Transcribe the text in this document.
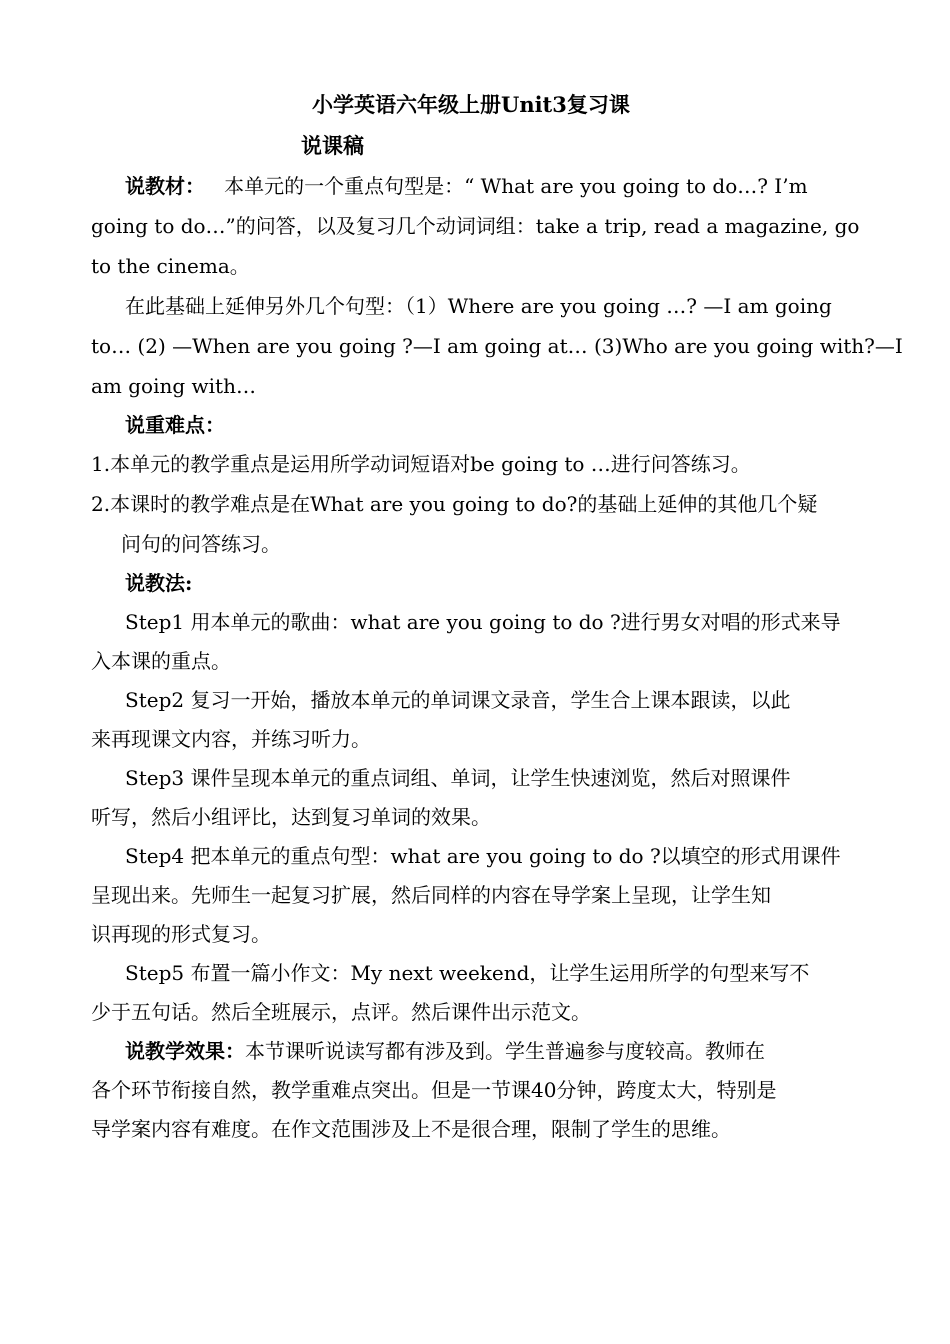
小学英语六年级上册Unit3复习课

说课稿

说教材： 本单元的一个重点句型是：“ What are you going to do…? I’m

going to do…”的问答，以及复习几个动词词组：take a trip, read a magazine, go

to the cinema。

在此基础上延伸另外几个句型：（1）Where are you going …? —I am going

to… (2) —When are you going ?—I am going at… (3)Who are you going with?—I

am going with…

说重难点：

1.本单元的教学重点是运用所学动词短语对be going to …进行问答练习。

2.本课时的教学难点是在What are you going to do?的基础上延伸的其他几个疑

问句的问答练习。

说教法:

Step1 用本单元的歌曲：what are you going to do ?进行男女对唱的形式来导

入本课的重点。

Step2 复习一开始，播放本单元的单词课文录音，学生合上课本跟读，以此

来再现课文内容，并练习听力。

Step3 课件呈现本单元的重点词组、单词，让学生快速浏览，然后对照课件

听写，然后小组评比，达到复习单词的效果。

Step4 把本单元的重点句型：what are you going to do ?以填空的形式用课件

呈现出来。先师生一起复习扩展，然后同样的内容在导学案上呈现，让学生知

识再现的形式复习。

Step5 布置一篇小作文：My next weekend，让学生运用所学的句型来写不

少于五句话。然后全班展示，点评。然后课件出示范文。

说教学效果：本节课听说读写都有涉及到。学生普遍参与度较高。教师在

各个环节衔接自然，教学重难点突出。但是一节课40分钟，跨度太大，特别是

导学案内容有难度。在作文范围涉及上不是很合理，限制了学生的思维。
